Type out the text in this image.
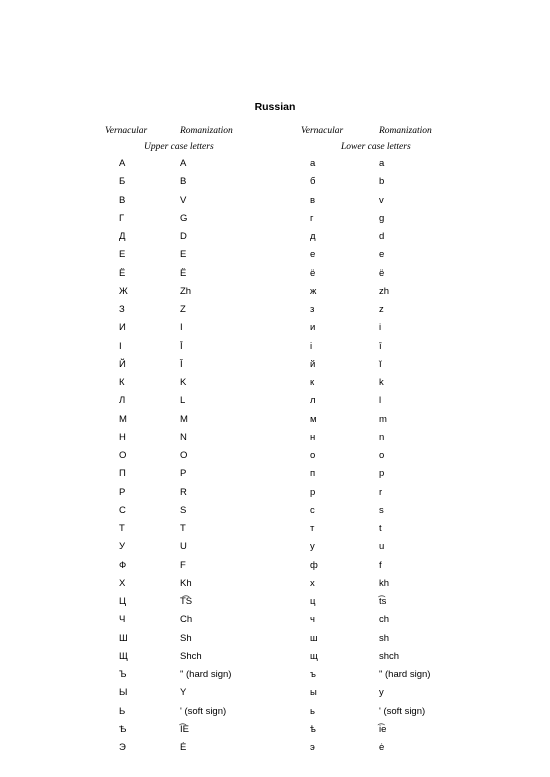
Russian
Vernacular	Romanization	Vernacular	Romanization
Upper case letters	Lower case letters
А	A	а	a
Б	B	б	b
В	V	в	v
Г	G	г	g
Д	D	д	d
Е	E	е	e
Ё	Ë	ё	ë
Ж	Zh	ж	zh
З	Z	з	z
И	I	и	i
І	Ī	і	ī
Й	Ĭ	й	ĭ
К	K	к	k
Л	L	л	l
М	M	м	m
Н	N	н	n
О	O	о	o
П	P	п	p
Р	R	р	r
С	S	с	s
Т	T	т	t
У	U	у	u
Ф	F	ф	f
Х	Kh	х	kh
Ц	T͡S	ц	t͡s
Ч	Ch	ч	ch
Ш	Sh	ш	sh
Щ	Shch	щ	shch
Ъ	ʺ (hard sign)	ъ	ʺ (hard sign)
Ы	Y	ы	y
Ь	ʹ (soft sign)	ь	ʹ (soft sign)
Ѣ	I͡E	ѣ	i͡e
Э	Ė	э	ė
